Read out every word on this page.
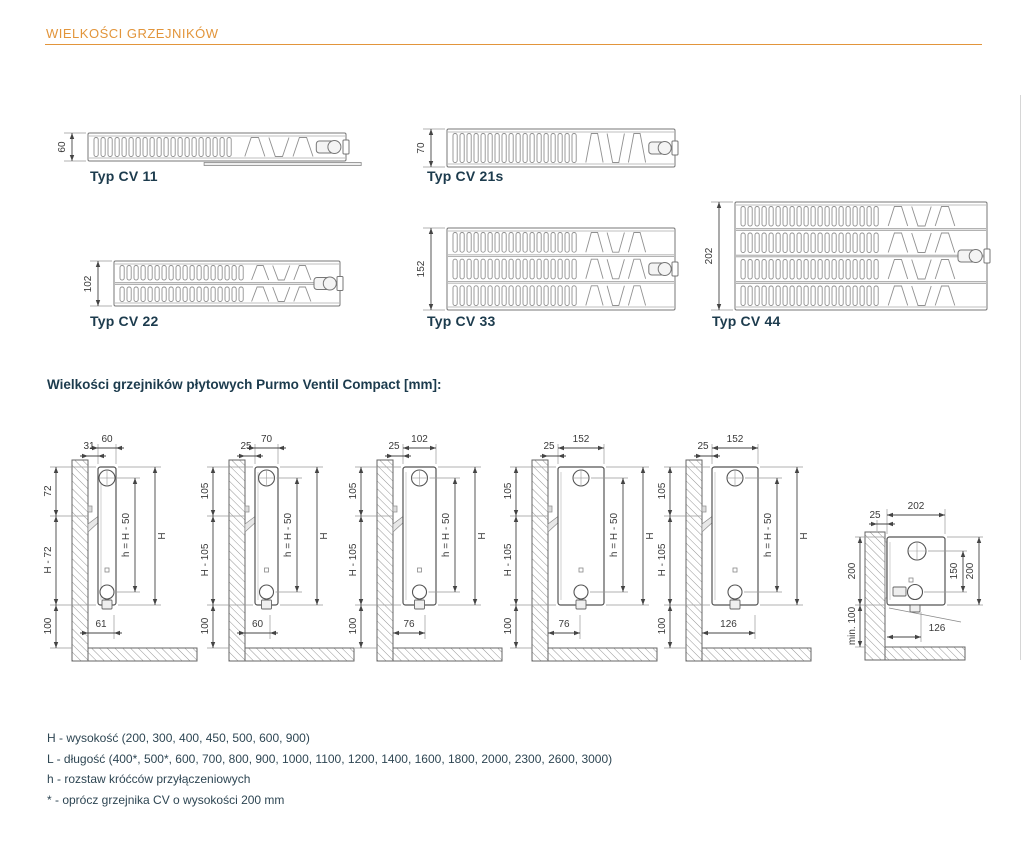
WIELKOŚCI GRZEJNIKÓW
60
Typ CV 11
70
Typ CV 21s
102
Typ CV 22
152
Typ CV 33
202
Typ CV 44
Wielkości grzejników płytowych Purmo Ventil Compact [mm]:
60
31
72
H - 72
100
h = H - 50	H
61
70
25
105
H - 105
100
h = H - 50	H
60
102
25
105
H - 105
100
h = H - 50	H
76
152
25
105
H - 105
100
h = H - 50	H
76
152
25
105
H - 105
100
h = H - 50	H
126
202
25
200
min. 100
150 200
126
H - wysokość (200, 300, 400, 450, 500, 600, 900)
L - długość (400*, 500*, 600, 700, 800, 900, 1000, 1100, 1200, 1400, 1600, 1800, 2000, 2300, 2600, 3000)
h - rozstaw króćców przyłączeniowych
* - oprócz grzejnika CV o wysokości 200 mm
